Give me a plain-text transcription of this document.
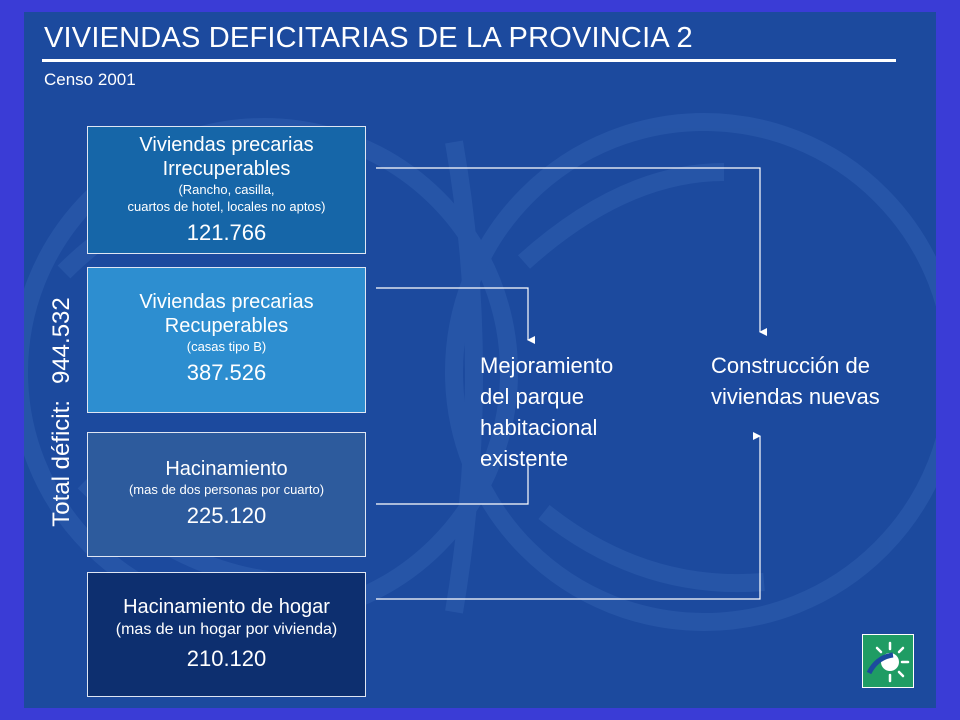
VIVIENDAS DEFICITARIAS DE LA PROVINCIA 2
Censo 2001
Total déficit:944.532
Viviendas precarias
Irrecuperables
(Rancho, casilla,
cuartos de hotel, locales no aptos)
121.766
Viviendas precarias
Recuperables
(casas tipo B)
387.526
Hacinamiento
(mas de dos personas por cuarto)
225.120
Hacinamiento de hogar
(mas de un hogar por vivienda)
210.120
Mejoramiento
del parque
habitacional
existente
Construcción de
viviendas nuevas
